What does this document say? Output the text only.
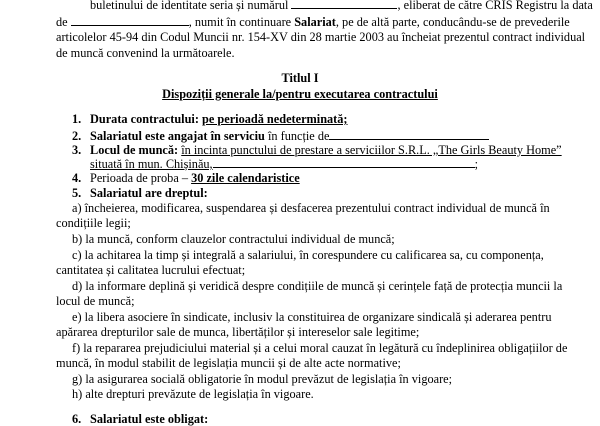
buletinului de identitate seria și numărul	, eliberat de către CRIS Registru la data
de	, numit în continuare Salariat, pe de altă parte, conducându-se de prevederile
articolelor 45-94 din Codul Muncii nr. 154-XV din 28 martie 2003 au încheiat prezentul contract individual
de muncă convenind la următoarele.
Titlul I
Dispoziții generale la/pentru executarea contractului
1. Durata contractului: pe perioadă nedeterminată;
2. Salariatul este angajat în serviciu în funcție de
3. Locul de muncă: în incinta punctului de prestare a serviciilor S.R.L. „The Girls Beauty Home”
situată în mun. Chișinău,	;
4. Perioada de proba – 30 zile calendaristice
5. Salariatul are dreptul:
a) încheierea, modificarea, suspendarea și desfacerea prezentului contract individual de muncă în
condițiile legii;
b) la muncă, conform clauzelor contractului individual de muncă;
c) la achitarea la timp și integrală a salariului, în corespundere cu calificarea sa, cu componența,
cantitatea și calitatea lucrului efectuat;
d) la informare deplină și veridică despre condițiile de muncă și cerințele față de protecția muncii la
locul de muncă;
e) la libera asociere în sindicate, inclusiv la constituirea de organizare sindicală și aderarea pentru
apărarea drepturilor sale de munca, libertăților și intereselor sale legitime;
f) la repararea prejudiciului material și a celui moral cauzat în legătură cu îndeplinirea obligațiilor de
muncă, în modul stabilit de legislația muncii și de alte acte normative;
g) la asigurarea socială obligatorie în modul prevăzut de legislația în vigoare;
h) alte drepturi prevăzute de legislația în vigoare.
6. Salariatul este obligat:
